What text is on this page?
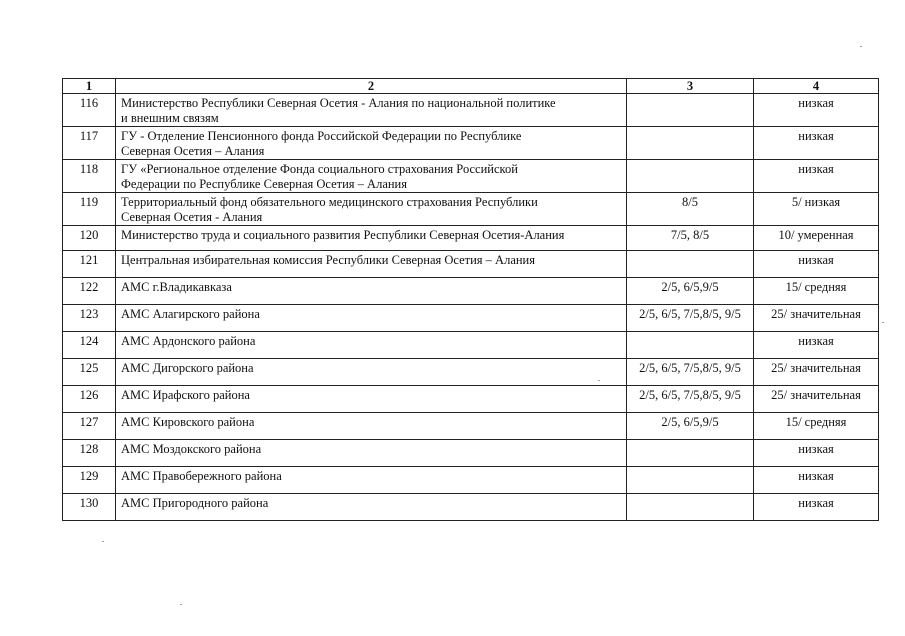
1	2	3	4
116	Министерство Республики Северная Осетия - Алания по национальной политике
и внешним связям		низкая
117	ГУ - Отделение Пенсионного фонда Российской Федерации по Республике
Северная Осетия – Алания		низкая
118	ГУ «Региональное отделение Фонда социального страхования Российской
Федерации по Республике Северная Осетия – Алания		низкая
119	Территориальный фонд обязательного медицинского страхования Республики
Северная Осетия - Алания	8/5	5/ низкая
120	Министерство труда и социального развития Республики Северная Осетия-Алания	7/5, 8/5	10/ умеренная
121	Центральная избирательная комиссия Республики Северная Осетия – Алания		низкая
122	АМС г.Владикавказа	2/5, 6/5,9/5	15/ средняя
123	АМС Алагирского района	2/5, 6/5, 7/5,8/5, 9/5	25/ значительная
124	АМС Ардонского района		низкая
125	АМС Дигорского района	2/5, 6/5, 7/5,8/5, 9/5	25/ значительная
126	АМС Ирафского района	2/5, 6/5, 7/5,8/5, 9/5	25/ значительная
127	АМС Кировского района	2/5, 6/5,9/5	15/ средняя
128	АМС Моздокского района		низкая
129	АМС Правобережного района		низкая
130	АМС Пригородного района		низкая
